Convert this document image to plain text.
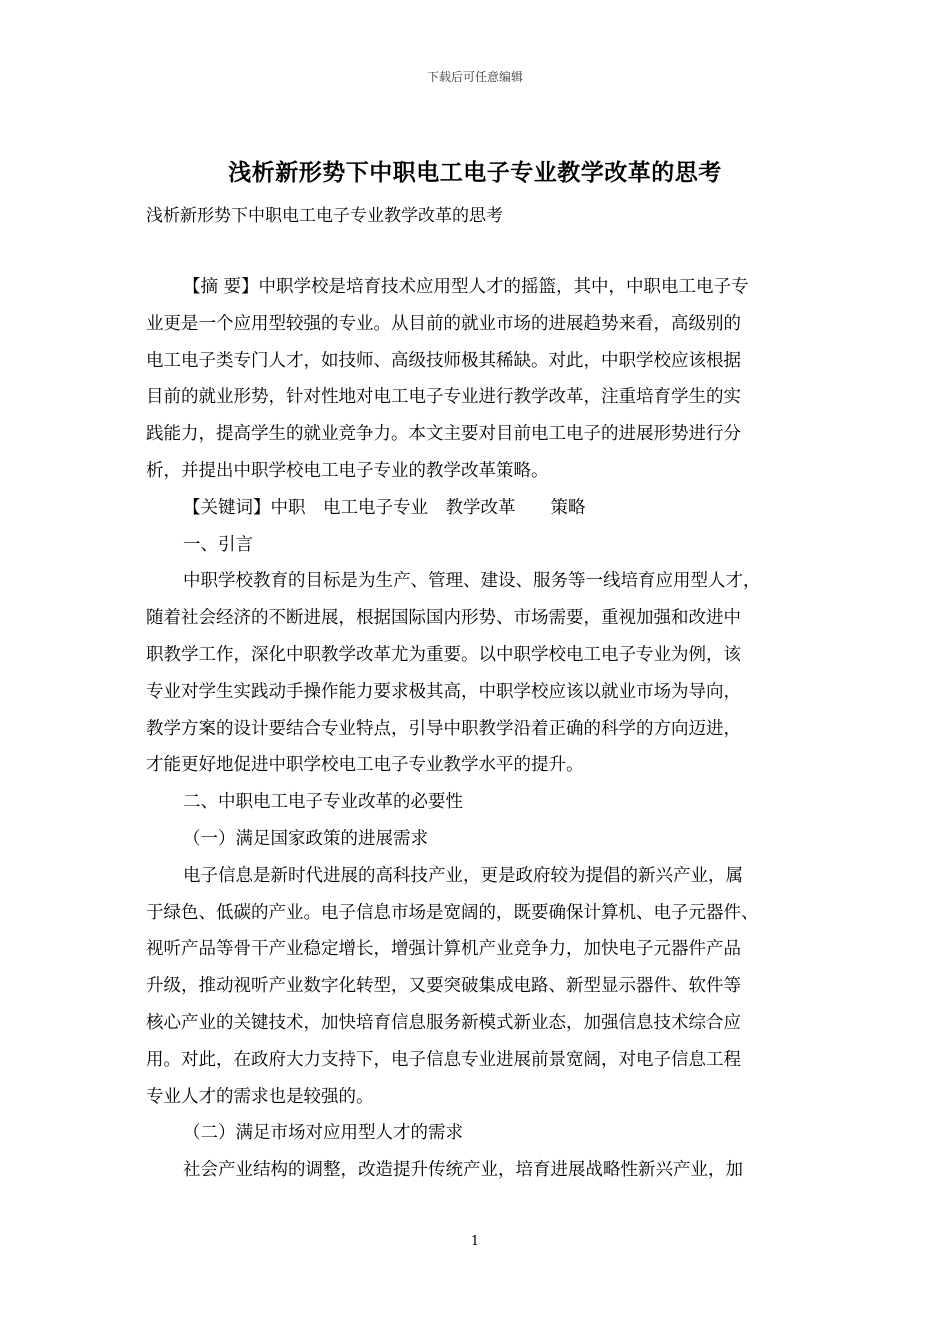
下载后可任意编辑
浅析新形势下中职电工电子专业教学改革的思考
浅析新形势下中职电工电子专业教学改革的思考
【摘 要】中职学校是培育技术应用型人才的摇篮，其中，中职电工电子专
业更是一个应用型较强的专业。从目前的就业市场的进展趋势来看，高级别的
电工电子类专门人才，如技师、高级技师极其稀缺。对此，中职学校应该根据
目前的就业形势，针对性地对电工电子专业进行教学改革，注重培育学生的实
践能力，提高学生的就业竞争力。本文主要对目前电工电子的进展形势进行分
析，并提出中职学校电工电子专业的教学改革策略。
【关键词】中职　电工电子专业　教学改革　　策略
一、引言
中职学校教育的目标是为生产、管理、建设、服务等一线培育应用型人才，
随着社会经济的不断进展，根据国际国内形势、市场需要，重视加强和改进中
职教学工作，深化中职教学改革尤为重要。以中职学校电工电子专业为例，该
专业对学生实践动手操作能力要求极其高，中职学校应该以就业市场为导向，
教学方案的设计要结合专业特点，引导中职教学沿着正确的科学的方向迈进，
才能更好地促进中职学校电工电子专业教学水平的提升。
二、中职电工电子专业改革的必要性
（一）满足国家政策的进展需求
电子信息是新时代进展的高科技产业，更是政府较为提倡的新兴产业，属
于绿色、低碳的产业。电子信息市场是宽阔的，既要确保计算机、电子元器件、
视听产品等骨干产业稳定增长，增强计算机产业竞争力，加快电子元器件产品
升级，推动视听产业数字化转型，又要突破集成电路、新型显示器件、软件等
核心产业的关键技术，加快培育信息服务新模式新业态，加强信息技术综合应
用。对此，在政府大力支持下，电子信息专业进展前景宽阔，对电子信息工程
专业人才的需求也是较强的。
（二）满足市场对应用型人才的需求
社会产业结构的调整，改造提升传统产业，培育进展战略性新兴产业，加
1
